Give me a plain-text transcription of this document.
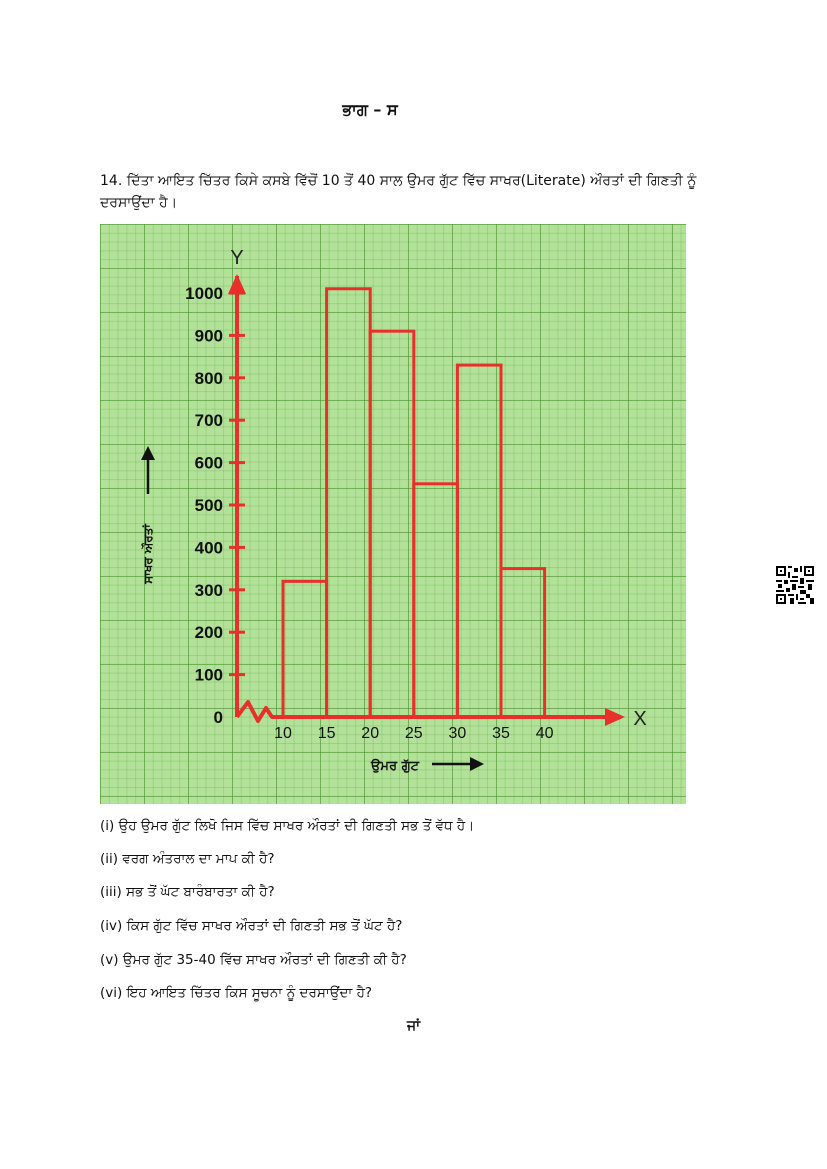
ਭਾਗ – ਸ
14. ਦਿੱਤਾ ਆਇਤ ਚਿੱਤਰ ਕਿਸੇ ਕਸਬੇ ਵਿੱਚੋਂ 10 ਤੋਂ 40 ਸਾਲ ਉਮਰ ਗੁੱਟ ਵਿੱਚ ਸਾਖਰ(Literate) ਔਰਤਾਂ ਦੀ ਗਿਣਤੀ ਨੂੰ
ਦਰਸਾਉਂਦਾ ਹੈ।
Y
0
100
200
300
400
500
600
700
800
900
1000
X
10 15 20 25 30 35 40
ਉਮਰ ਗੁੱਟ
ਸਾਖਰ ਔਰਤਾਂ
(i) ਉਹ ਉਮਰ ਗੁੱਟ ਲਿਖੋ ਜਿਸ ਵਿੱਚ ਸਾਖਰ ਔਰਤਾਂ ਦੀ ਗਿਣਤੀ ਸਭ ਤੋਂ ਵੱਧ ਹੈ।
(ii) ਵਰਗ ਅੰਤਰਾਲ ਦਾ ਮਾਪ ਕੀ ਹੈ?
(iii) ਸਭ ਤੋਂ ਘੱਟ ਬਾਰੰਬਾਰਤਾ ਕੀ ਹੈ?
(iv) ਕਿਸ ਗੁੱਟ ਵਿੱਚ ਸਾਖਰ ਔਰਤਾਂ ਦੀ ਗਿਣਤੀ ਸਭ ਤੋਂ ਘੱਟ ਹੈ?
(v) ਉਮਰ ਗੁੱਟ 35-40 ਵਿੱਚ ਸਾਖਰ ਔਰਤਾਂ ਦੀ ਗਿਣਤੀ ਕੀ ਹੈ?
(vi) ਇਹ ਆਇਤ ਚਿੱਤਰ ਕਿਸ ਸੂਚਨਾ ਨੂੰ ਦਰਸਾਉਂਦਾ ਹੈ?
ਜਾਂ
